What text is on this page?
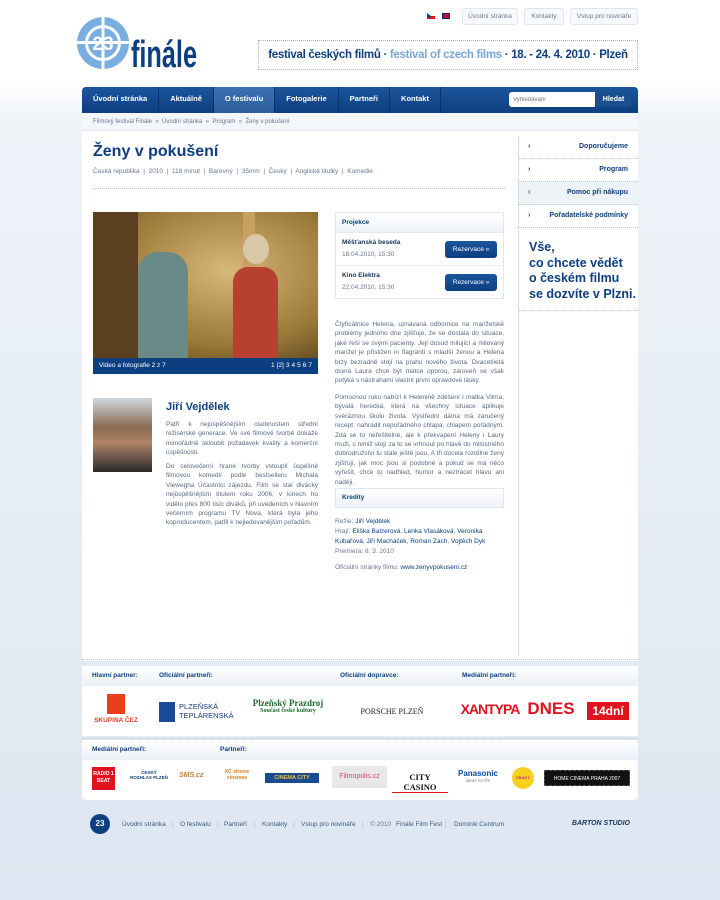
Úvodní stránka	Kontakty	Vstup pro novináře
23 finále	festival českých filmů · festival of czech films · 18. - 24. 4. 2010 · Plzeň
Úvodní stránka	Aktuálně	O festivalu	Fotogalerie	Partneři	Kontakt
Vyhledávání	Hledat
Filmový festival Finále  »  Úvodní stránka  »  Program  »  Ženy v pokušení
Ženy v pokušení
Česká republika  |  2010  |  118 minut  |  Barevný  |  35mm  |  Česky  |  Anglické titulky  |  Komedie
Video a fotografie 2 z 7	1 [2] 3 4 5 6 7
Jiří Vejdělek
Patří k nejúspěšnějším osobnostem střední režisérské generace. Ve své filmové tvorbě dokáže mimořádně skloubit požadavek kvality a komerční úspěšnosti.
Do celovečerní hrané tvorby vstoupil úspěšně filmovou komedií podle bestselleru Michala Viewegha Účastníci zájezdu. Film se stal divácky nejúspěšnějším titulem roku 2006, v kinech ho vidělo přes 800 tisíc diváků, při uvedeních v hlavním večerním programu TV Nova, která byla jeho koproducentem, patřil k nejledovanějším pořadům.
Projekce
Měšťanská beseda
18.04.2010, 15:30
Rezervace »
Kino Elektra
22.04.2010, 15:30
Rezervace »
Čtyřicátnice Helena, uznávaná odbornice na manželské problémy jednoho dne zjišťuje, že se dostala do situace, jaké řeší se svými pacienty. Její dosud milující a milovaný manžel je přistižen in flagranti s mladší ženou a Helena brzy bezradně stojí na prahu nového života. Dvacetiletá dcera Laura chce být matce oporou, zároveň se však potýká s nástrahami vlastní první opravdové lásky.
Pomocnou ruku nabízí k Helenině zděšení i matka Vilma, bývalá herečka, která na všechny situace aplikuje svéráznou školu života. Výstřední dáma má zaručený recept: nahradit nepořádného chlapa, chlapem pořádným. Zdá se to neřešitelné, ale k překvapení Heleny i Laury muži, s nimiž stojí za to se vrhnout po hlavě do milostného dobrodružství tu stále ještě jsou. A tři docela rozdílné ženy zjišťují, jak moc jsou si podobné a pokud se má něco vyřešit, chce to nadhled, humor a neztrácet hlavu ani naději.
Kredity
Režie: Jiří Vejdělek
Hrají: Eliška Balzerová, Lenka Vlasáková, Veronika Kubařová, Jiří Macháček, Roman Zach, Vojtěch Dyk
Premiéra: 8. 3. 2010
Oficiální stránky filmu: www.zenyvpokuseni.cz
›	Doporučujeme
›	Program
›	Pomoc při nákupu
›	Pořadatelské podmínky
Vše,
co chcete vědět
o českém filmu
se dozvíte v Plzni.
Hlavní partner:	Oficiální partneři:	Oficiální dopravce:	Mediální partneři:
SKUPINA ČEZ
PLZEŇSKÁ TEPLÁRENSKÁ
Plzeňský Prazdroj
Součást české kultury	PORSCHE PLZEŇ	XANTYPA DNES	14dní
Mediální partneři:	Partneři:
RADIO 1 BEAT
ČESKÝ ROZHLAS PLZEŇ SMS.cz	XC xtreme cinemas	CINEMA CITY	Filmopolis.cz	CITY CASINO
Panasonic
ideas for life
SBADY	HOME CINEMA PRAHA 2007
23	Úvodní stránka | O festivalu | Partneři | Kontakty | Vstup pro novináře | © 2010 Finále Film Fest | Dominik Centrum	BARTON STUDIO
